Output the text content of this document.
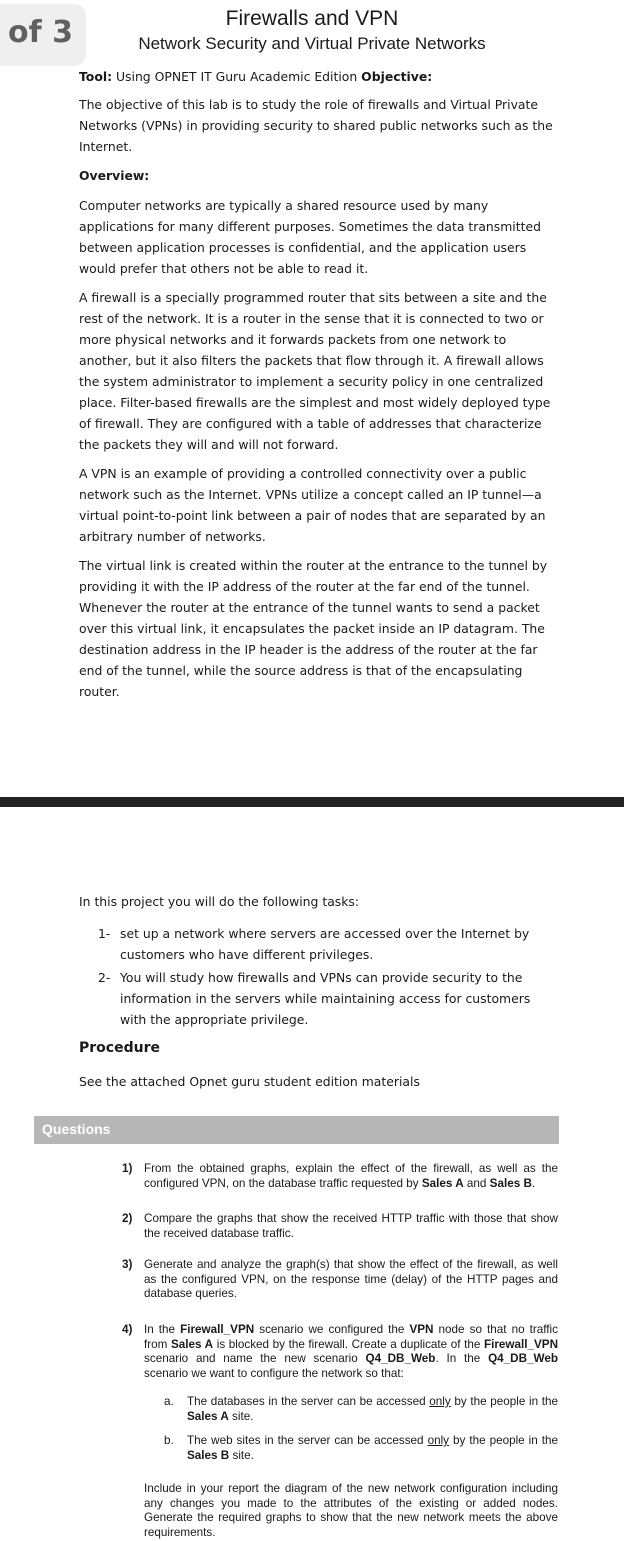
of 3	Firewalls and VPN
Network Security and Virtual Private Networks

Tool: Using OPNET IT Guru Academic Edition Objective:

The objective of this lab is to study the role of firewalls and Virtual Private Networks (VPNs) in providing security to shared public networks such as the Internet.

Overview:

Computer networks are typically a shared resource used by many applications for many different purposes. Sometimes the data transmitted between application processes is confidential, and the application users would prefer that others not be able to read it.

A firewall is a specially programmed router that sits between a site and the rest of the network. It is a router in the sense that it is connected to two or more physical networks and it forwards packets from one network to another, but it also filters the packets that flow through it. A firewall allows the system administrator to implement a security policy in one centralized place. Filter-based firewalls are the simplest and most widely deployed type of firewall. They are configured with a table of addresses that characterize the packets they will and will not forward.

A VPN is an example of providing a controlled connectivity over a public network such as the Internet. VPNs utilize a concept called an IP tunnel—a virtual point-to-point link between a pair of nodes that are separated by an arbitrary number of networks.

The virtual link is created within the router at the entrance to the tunnel by providing it with the IP address of the router at the far end of the tunnel. Whenever the router at the entrance of the tunnel wants to send a packet over this virtual link, it encapsulates the packet inside an IP datagram. The destination address in the IP header is the address of the router at the far end of the tunnel, while the source address is that of the encapsulating router.

In this project you will do the following tasks:

1- set up a network where servers are accessed over the Internet by customers who have different privileges.
2- You will study how firewalls and VPNs can provide security to the information in the servers while maintaining access for customers with the appropriate privilege.
Procedure

See the attached Opnet guru student edition materials

Questions
1) From the obtained graphs, explain the effect of the firewall, as well as the configured VPN, on the database traffic requested by Sales A and Sales B.
2) Compare the graphs that show the received HTTP traffic with those that show the received database traffic.
3) Generate and analyze the graph(s) that show the effect of the firewall, as well as the configured VPN, on the response time (delay) of the HTTP pages and database queries.
4) In the Firewall_VPN scenario we configured the VPN node so that no traffic from Sales A is blocked by the firewall. Create a duplicate of the Firewall_VPN scenario and name the new scenario Q4_DB_Web. In the Q4_DB_Web scenario we want to configure the network so that:
a. The databases in the server can be accessed only by the people in the Sales A site.
b. The web sites in the server can be accessed only by the people in the Sales B site.
Include in your report the diagram of the new network configuration including any changes you made to the attributes of the existing or added nodes. Generate the required graphs to show that the new network meets the above requirements.
